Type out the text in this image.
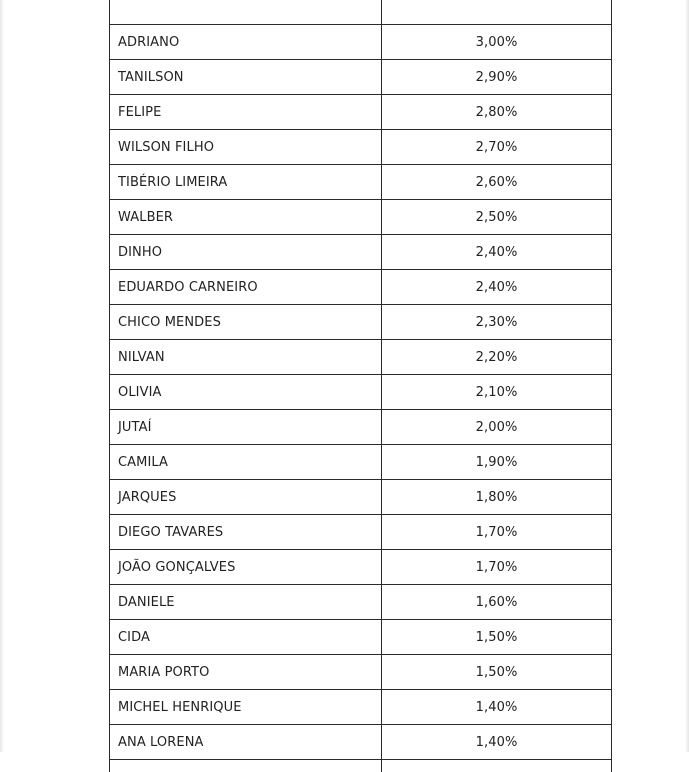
ADRIANO	3,00%
TANILSON	2,90%
FELIPE	2,80%
WILSON FILHO	2,70%
TIBÉRIO LIMEIRA	2,60%
WALBER	2,50%
DINHO	2,40%
EDUARDO CARNEIRO	2,40%
CHICO MENDES	2,30%
NILVAN	2,20%
OLIVIA	2,10%
JUTAÍ	2,00%
CAMILA	1,90%
JARQUES	1,80%
DIEGO TAVARES	1,70%
JOÃO GONÇALVES	1,70%
DANIELE	1,60%
CIDA	1,50%
MARIA PORTO	1,50%
MICHEL HENRIQUE	1,40%
ANA LORENA	1,40%
